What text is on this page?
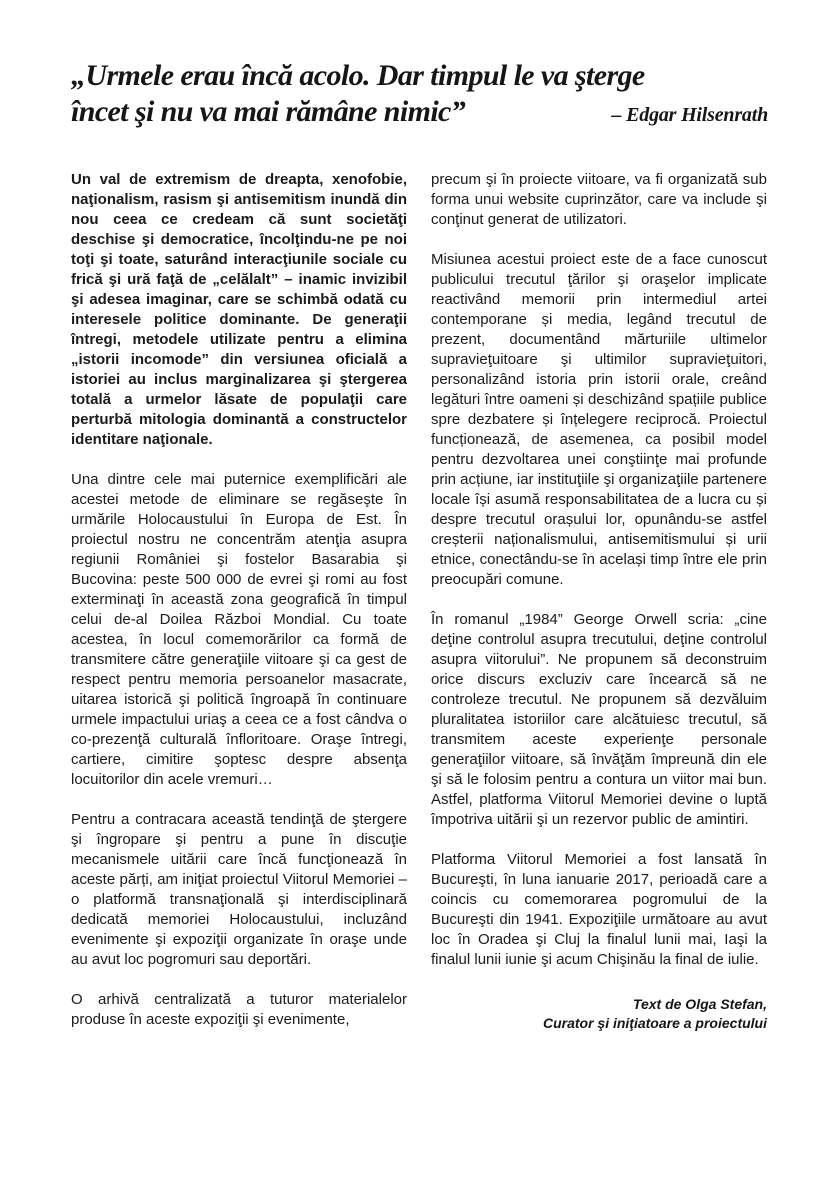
„Urmele erau încă acolo. Dar timpul le va şterge
încet şi nu va mai rămâne nimic”	– Edgar Hilsenrath

Un val de extremism de dreapta, xenofobie, naţionalism, rasism şi antisemitism inundă din nou ceea ce credeam că sunt societăţi deschise şi democratice, încolţindu-ne pe noi toţi şi toate, saturând interacţiunile sociale cu frică şi ură faţă de „celălalt” – inamic invizibil şi adesea imaginar, care se schimbă odată cu interesele politice dominante. De generaţii întregi, metodele utilizate pentru a elimina „istorii incomode” din versiunea oficială a istoriei au inclus marginalizarea şi ştergerea totală a urmelor lăsate de populaţii care perturbă mitologia dominantă a constructelor identitare naţionale.

Una dintre cele mai puternice exemplificări ale acestei metode de eliminare se regăseşte în urmările Holocaustului în Europa de Est. În proiectul nostru ne concentrăm atenţia asupra regiunii României şi fostelor Basarabia şi Bucovina: peste 500 000 de evrei şi romi au fost exterminaţi în această zona geografică în timpul celui de-al Doilea Război Mondial. Cu toate acestea, în locul comemorărilor ca formă de transmitere către generaţiile viitoare şi ca gest de respect pentru memoria persoanelor masacrate, uitarea istorică şi politică îngroapă în continuare urmele impactului uriaş a ceea ce a fost cândva o co-prezenţă culturală înfloritoare. Oraşe întregi, cartiere, cimitire şoptesc despre absenţa locuitorilor din acele vremuri…

Pentru a contracara această tendinţă de ştergere şi îngropare şi pentru a pune în discuţie mecanismele uitării care încă funcţionează în aceste părți, am iniţiat proiectul Viitorul Memoriei – o platformă transnaţională şi interdisciplinară dedicată memoriei Holocaustului, incluzând evenimente şi expoziţii organizate în oraşe unde au avut loc pogromuri sau deportări.

O arhivă centralizată a tuturor materialelor produse în aceste expoziţii şi evenimente,

precum şi în proiecte viitoare, va fi organizată sub forma unui website cuprinzător, care va include şi conţinut generat de utilizatori.

Misiunea acestui proiect este de a face cunoscut publicului trecutul ţărilor şi oraşelor implicate reactivând memorii prin intermediul artei contemporane și media, legând trecutul de prezent, documentând mărturiile ultimelor supravieţuitoare şi ultimilor supravieţuitori, personalizând istoria prin istorii orale, creând legături între oameni și deschizând spațiile publice spre dezbatere și înțelegere reciprocă. Proiectul funcționează, de asemenea, ca posibil model pentru dezvoltarea unei conştiinţe mai profunde prin acțiune, iar instituţiile şi organizaţiile partenere locale își asumă responsabilitatea de a lucra cu și despre trecutul orașului lor, opunându-se astfel creșterii naționalismului, antisemitismului și urii etnice, conectându-se în același timp între ele prin preocupări comune.

În romanul „1984” George Orwell scria: „cine deţine controlul asupra trecutului, deţine controlul asupra viitorului”. Ne propunem să deconstruim orice discurs excluziv care încearcă să ne controleze trecutul. Ne propunem să dezvăluim pluralitatea istoriilor care alcătuiesc trecutul, să transmitem aceste experienţe personale generaţiilor viitoare, să învăţăm împreună din ele şi să le folosim pentru a contura un viitor mai bun. Astfel, platforma Viitorul Memoriei devine o luptă împotriva uitării şi un rezervor public de amintiri.

Platforma Viitorul Memoriei a fost lansată în Bucureşti, în luna ianuarie 2017, perioadă care a coincis cu comemorarea pogromului de la Bucureşti din 1941. Expoziţiile următoare au avut loc în Oradea şi Cluj la finalul lunii mai, Iaşi la finalul lunii iunie şi acum Chişinău la final de iulie.

Text de Olga Stefan,
Curator şi iniţiatoare a proiectului
